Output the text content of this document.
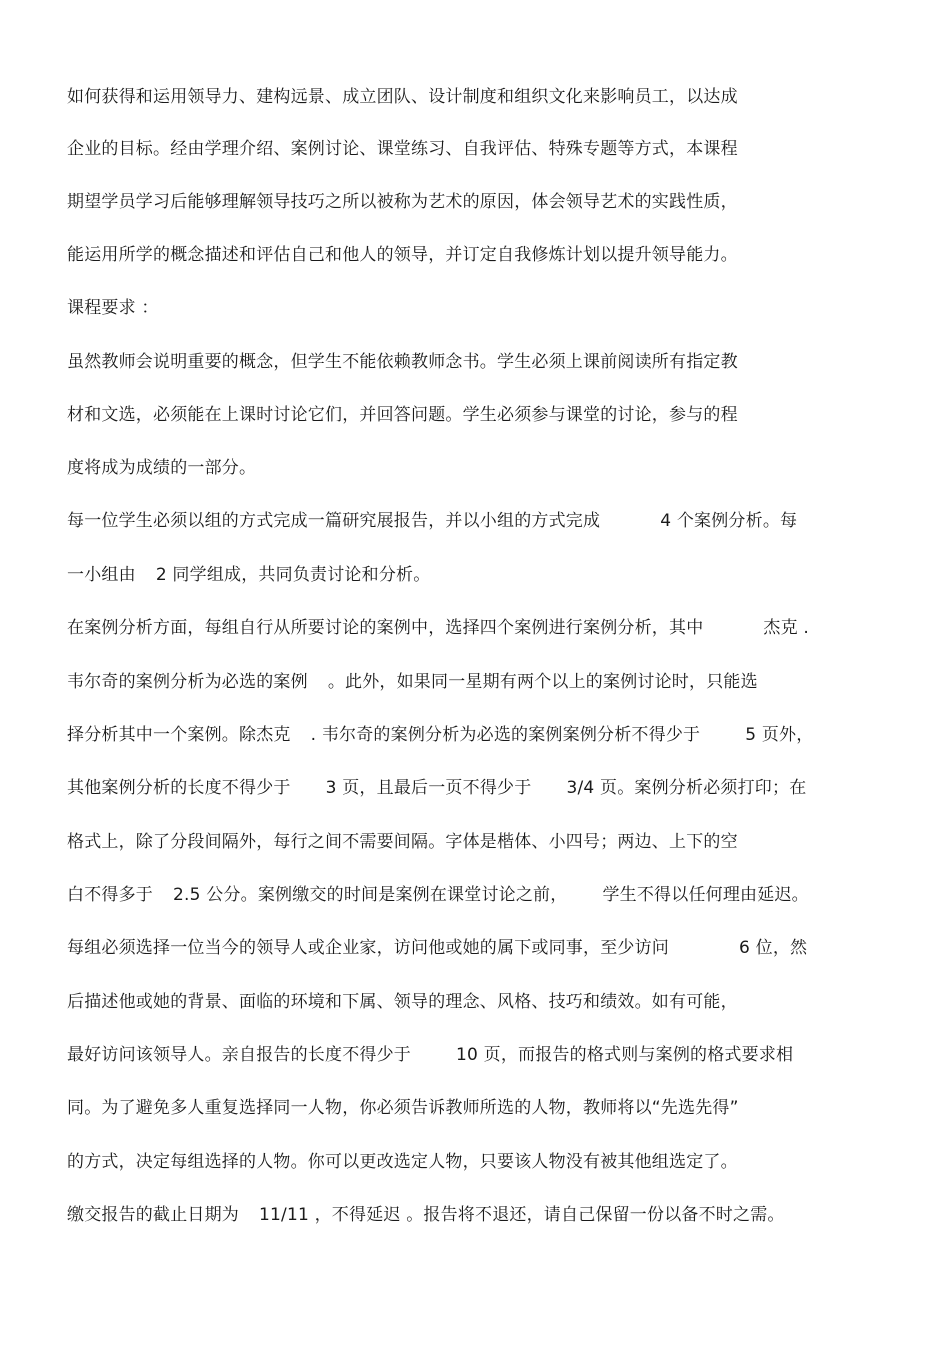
如何获得和运用领导力、建构远景、成立团队、设计制度和组织文化来影响员工，以达成
企业的目标。经由学理介绍、案例讨论、课堂练习、自我评估、特殊专题等方式，本课程
期望学员学习后能够理解领导技巧之所以被称为艺术的原因，体会领导艺术的实践性质，
能运用所学的概念描述和评估自己和他人的领导，并订定自我修炼计划以提升领导能力。
课程要求 ：
虽然教师会说明重要的概念，但学生不能依赖教师念书。学生必须上课前阅读所有指定教
材和文选，必须能在上课时讨论它们，并回答问题。学生必须参与课堂的讨论，参与的程
度将成为成绩的一部分。
每一位学生必须以组的方式完成一篇研究展报告，并以小组的方式完成	4 个案例分析。每
一小组由 2 同学组成，共同负责讨论和分析。
在案例分析方面，每组自行从所要讨论的案例中，选择四个案例进行案例分析，其中	杰克 .
韦尔奇的案例分析为必选的案例 。此外，如果同一星期有两个以上的案例讨论时，只能选
择分析其中一个案例。除杰克 . 韦尔奇的案例分析为必选的案例案例分析不得少于	5 页外，
其他案例分析的长度不得少于 3 页，且最后一页不得少于 3/4 页。案例分析必须打印；在
格式上，除了分段间隔外，每行之间不需要间隔。字体是楷体、小四号；两边、上下的空
白不得多于 2.5 公分。案例缴交的时间是案例在课堂讨论之前， 学生不得以任何理由延迟。
每组必须选择一位当今的领导人或企业家，访问他或她的属下或同事，至少访问	6 位，然
后描述他或她的背景、面临的环境和下属、领导的理念、风格、技巧和绩效。如有可能，
最好访问该领导人。亲自报告的长度不得少于	10 页，而报告的格式则与案例的格式要求相
同。为了避免多人重复选择同一人物，你必须告诉教师所选的人物，教师将以“先选先得”
的方式，决定每组选择的人物。你可以更改选定人物，只要该人物没有被其他组选定了。
缴交报告的截止日期为 11/11 ，不得延迟 。报告将不退还，请自己保留一份以备不时之需。
